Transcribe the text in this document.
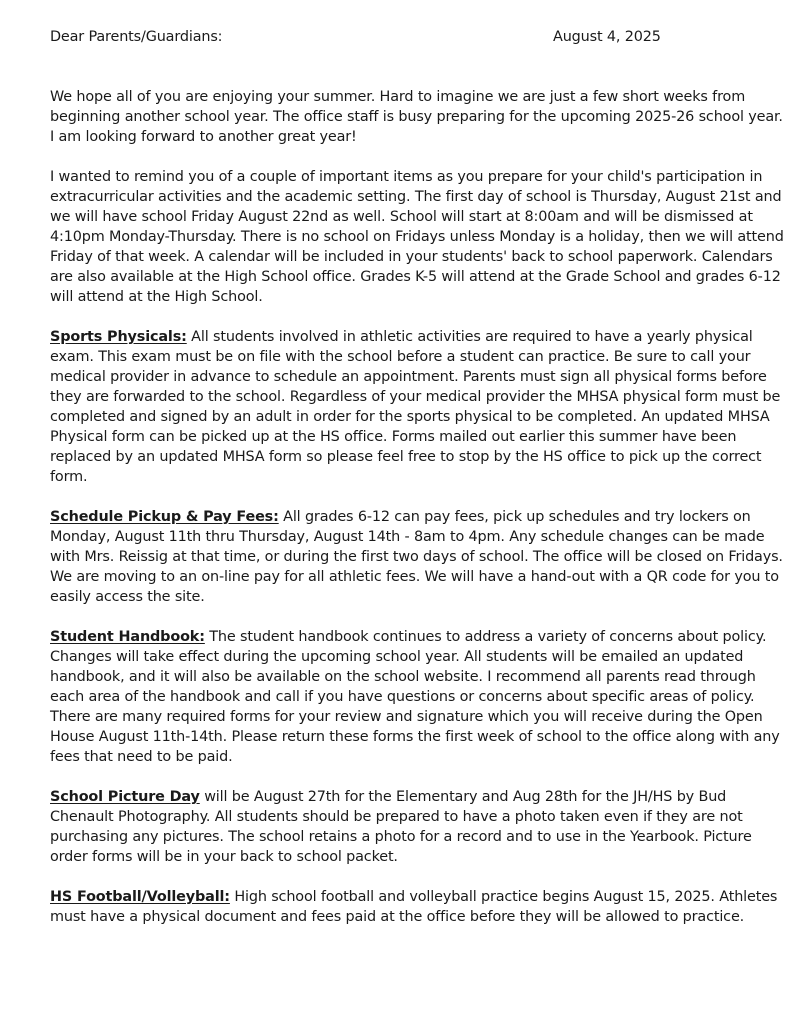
Dear Parents/Guardians:	August 4, 2025

We hope all of you are enjoying your summer. Hard to imagine we are just a few short weeks from beginning another school year. The office staff is busy preparing for the upcoming 2025-26 school year. I am looking forward to another great year!

I wanted to remind you of a couple of important items as you prepare for your child's participation in extracurricular activities and the academic setting. The first day of school is Thursday, August 21st and we will have school Friday August 22nd as well. School will start at 8:00am and will be dismissed at 4:10pm Monday-Thursday. There is no school on Fridays unless Monday is a holiday, then we will attend Friday of that week. A calendar will be included in your students' back to school paperwork. Calendars are also available at the High School office. Grades K-5 will attend at the Grade School and grades 6-12 will attend at the High School.

Sports Physicals: All students involved in athletic activities are required to have a yearly physical exam. This exam must be on file with the school before a student can practice. Be sure to call your medical provider in advance to schedule an appointment. Parents must sign all physical forms before they are forwarded to the school. Regardless of your medical provider the MHSA physical form must be completed and signed by an adult in order for the sports physical to be completed. An updated MHSA Physical form can be picked up at the HS office. Forms mailed out earlier this summer have been replaced by an updated MHSA form so please feel free to stop by the HS office to pick up the correct form.

Schedule Pickup & Pay Fees: All grades 6-12 can pay fees, pick up schedules and try lockers on Monday, August 11th thru Thursday, August 14th - 8am to 4pm. Any schedule changes can be made with Mrs. Reissig at that time, or during the first two days of school. The office will be closed on Fridays. We are moving to an on-line pay for all athletic fees. We will have a hand-out with a QR code for you to easily access the site.

Student Handbook: The student handbook continues to address a variety of concerns about policy. Changes will take effect during the upcoming school year. All students will be emailed an updated handbook, and it will also be available on the school website. I recommend all parents read through each area of the handbook and call if you have questions or concerns about specific areas of policy. There are many required forms for your review and signature which you will receive during the Open House August 11th-14th. Please return these forms the first week of school to the office along with any fees that need to be paid.

School Picture Day will be August 27th for the Elementary and Aug 28th for the JH/HS by Bud Chenault Photography. All students should be prepared to have a photo taken even if they are not purchasing any pictures. The school retains a photo for a record and to use in the Yearbook. Picture order forms will be in your back to school packet.

HS Football/Volleyball: High school football and volleyball practice begins August 15, 2025. Athletes must have a physical document and fees paid at the office before they will be allowed to practice.
